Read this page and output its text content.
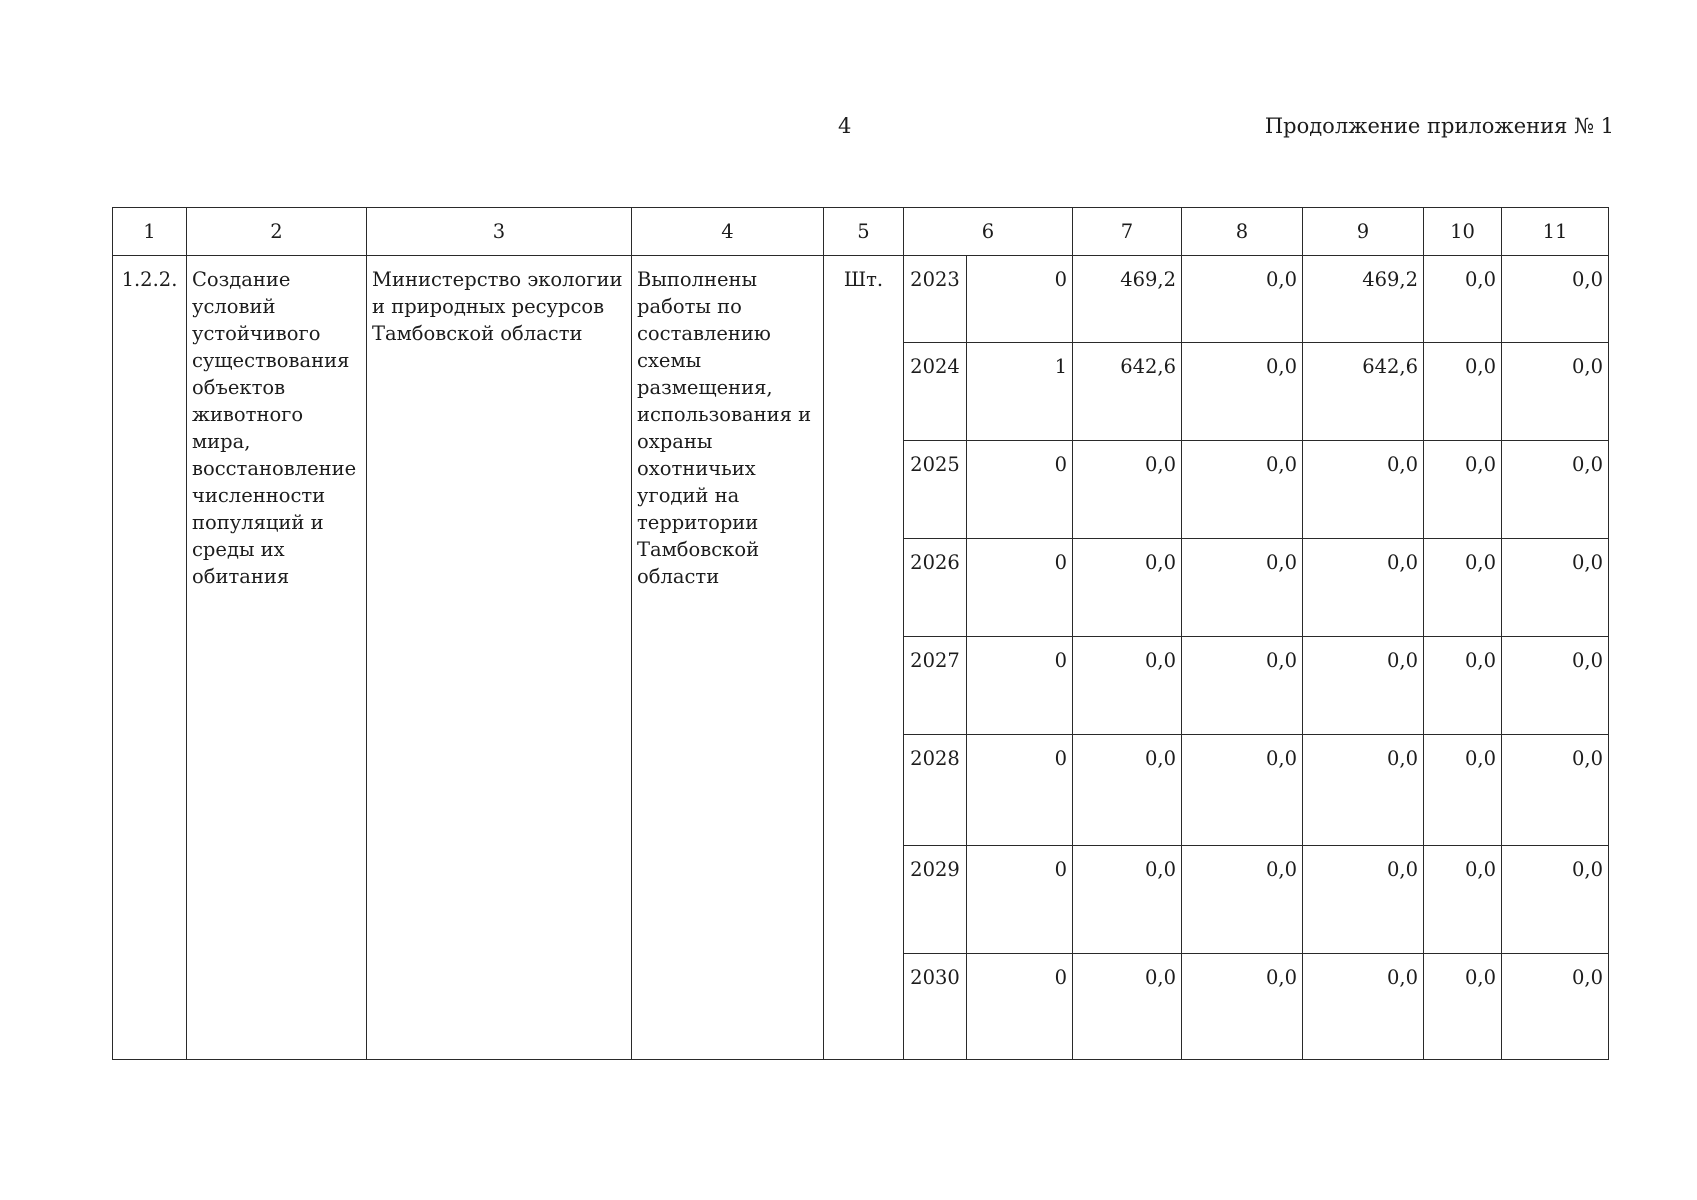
4	Продолжение приложения № 1
1	2	3	4	5	6		7	8	9	10	11
1.2.2.	Создание условий устойчивого существования объектов животного мира, восстановление численности популяций и среды их обитания	Министерство экологии и природных ресурсов Тамбовской области	Выполнены работы по составлению схемы размещения, использования и охраны охотничьих угодий на территории Тамбовской области	Шт.	2023	0	469,2	0,0	469,2	0,0	0,0
					2024	1	642,6	0,0	642,6	0,0	0,0
					2025	0	0,0	0,0	0,0	0,0	0,0
					2026	0	0,0	0,0	0,0	0,0	0,0
					2027	0	0,0	0,0	0,0	0,0	0,0
					2028	0	0,0	0,0	0,0	0,0	0,0
					2029	0	0,0	0,0	0,0	0,0	0,0
					2030	0	0,0	0,0	0,0	0,0	0,0
